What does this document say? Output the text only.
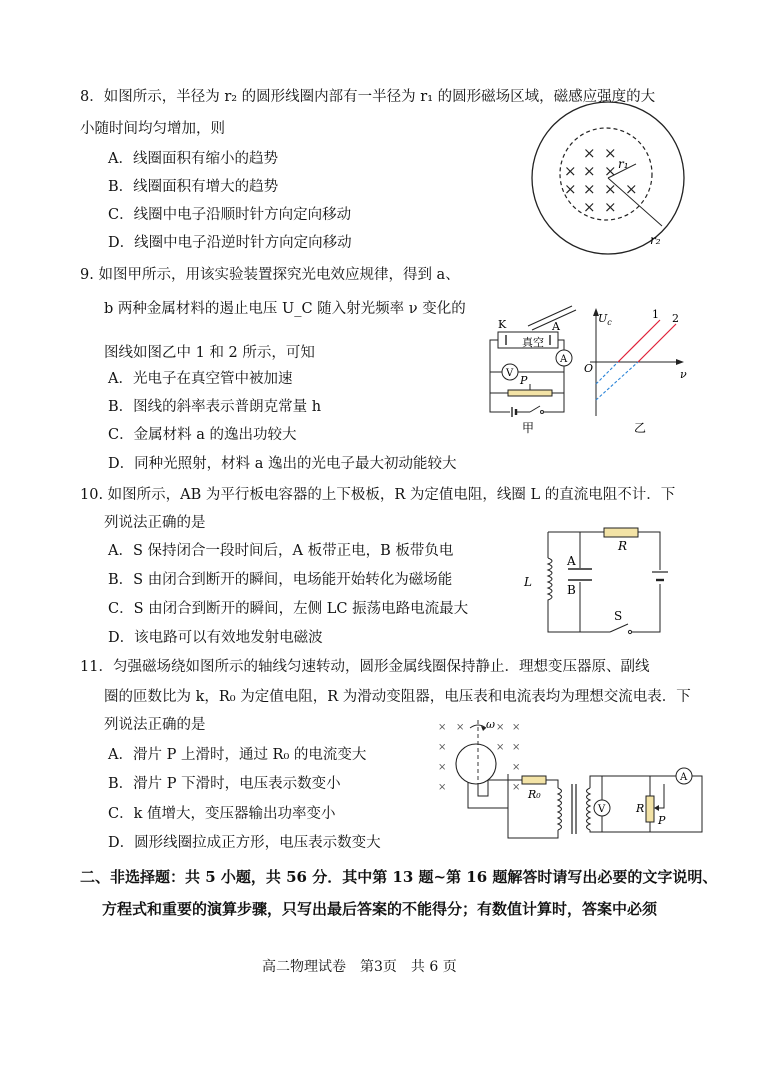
8．如图所示，半径为 r₂ 的圆形线圈内部有一半径为 r₁ 的圆形磁场区域，磁感应强度的大
小随时间均匀增加，则
A．线圈面积有缩小的趋势
B．线圈面积有增大的趋势
C．线圈中电子沿顺时针方向定向移动
D．线圈中电子沿逆时针方向定向移动
× ×
× × ×
× × × ×
× ×
r₁
r₂
9. 如图甲所示，用该实验装置探究光电效应规律，得到 a、
b 两种金属材料的遏止电压 U_C 随入射光频率 ν 变化的
图线如图乙中 1 和 2 所示，可知
A．光电子在真空管中被加速
B．图线的斜率表示普朗克常量 h
C．金属材料 a 的逸出功较大
D．同种光照射，材料 a 逸出的光电子最大初动能较大
K	A
真空
A
V
P
甲
$U_c$
O	ν
1 2
乙
10. 如图所示，AB 为平行板电容器的上下极板，R 为定值电阻，线圈 L 的直流电阻不计．下
列说法正确的是
A．S 保持闭合一段时间后，A 板带正电，B 板带负电
B．S 由闭合到断开的瞬间，电场能开始转化为磁场能
C．S 由闭合到断开的瞬间，左侧 LC 振荡电路电流最大
D．该电路可以有效地发射电磁波
R
A
B
L
S
11．匀强磁场绕如图所示的轴线匀速转动，圆形金属线圈保持静止．理想变压器原、副线
圈的匝数比为 k，R₀ 为定值电阻，R 为滑动变阻器，电压表和电流表均为理想交流电表．下
列说法正确的是
A．滑片 P 上滑时，通过 R₀ 的电流变大
B．滑片 P 下滑时，电压表示数变小
C．k 值增大，变压器输出功率变小
D．圆形线圈拉成正方形，电压表示数变大
× ×	× ×
×	× ×
×	×
×	×
ω
R₀
A
V	R
P
二、非选择题：共 5 小题，共 56 分．其中第 13 题~第 16 题解答时请写出必要的文字说明、
方程式和重要的演算步骤，只写出最后答案的不能得分；有数值计算时，答案中必须
高二物理试卷　第3页　共 6 页
